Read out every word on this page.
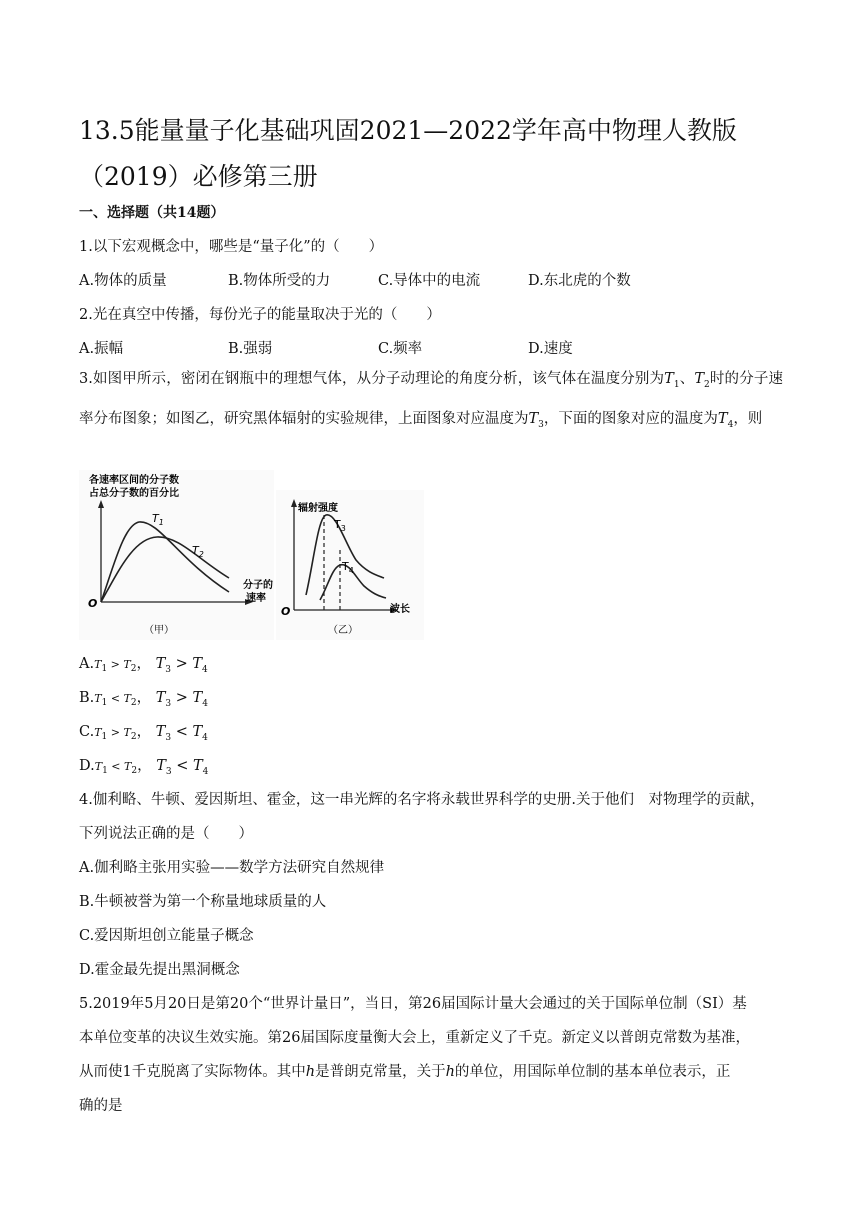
13.5能量量子化基础巩固2021—2022学年高中物理人教版（2019）必修第三册
一、选择题（共14题）
1.以下宏观概念中，哪些是“量子化”的（　　）
A.物体的质量	B.物体所受的力	C.导体中的电流	D.东北虎的个数
2.光在真空中传播，每份光子的能量取决于光的（　　）
A.振幅	B.强弱	C.频率	D.速度
3.如图甲所示，密闭在钢瓶中的理想气体，从分子动理论的角度分析，该气体在温度分别为$T_1$、$T_2$时的分子速率分布图象；如图乙，研究黑体辐射的实验规律，上面图象对应温度为$T_3$，下面的图象对应的温度为$T_4$，则
各速率区间的分子数
占总分子数的百分比
$T_1$
$T_2$
分子的
速率
O
（甲）
辐射强度
$T_3$
$T_4$
波长
O
（乙）
$A.T_1 > T_2$， $T_3 > T_4$
$B.T_1 < T_2$， $T_3 > T_4$
$C.T_1 > T_2$， $T_3 < T_4$
$D.T_1 < T_2$， $T_3 < T_4$
4.伽利略、牛顿、爱因斯坦、霍金，这一串光辉的名字将永载世界科学的史册.关于他们　对物理学的贡献，
下列说法正确的是（　　）
A.伽利略主张用实验——数学方法研究自然规律
B.牛顿被誉为第一个称量地球质量的人
C.爱因斯坦创立能量子概念
D.霍金最先提出黑洞概念
5.2019年5月20日是第20个“世界计量日”，当日，第26届国际计量大会通过的关于国际单位制（SI）基
本单位变革的决议生效实施。第26届国际度量衡大会上，重新定义了千克。新定义以普朗克常数为基准，
从而使1千克脱离了实际物体。其中h是普朗克常量，关于h的单位，用国际单位制的基本单位表示，正
确的是
